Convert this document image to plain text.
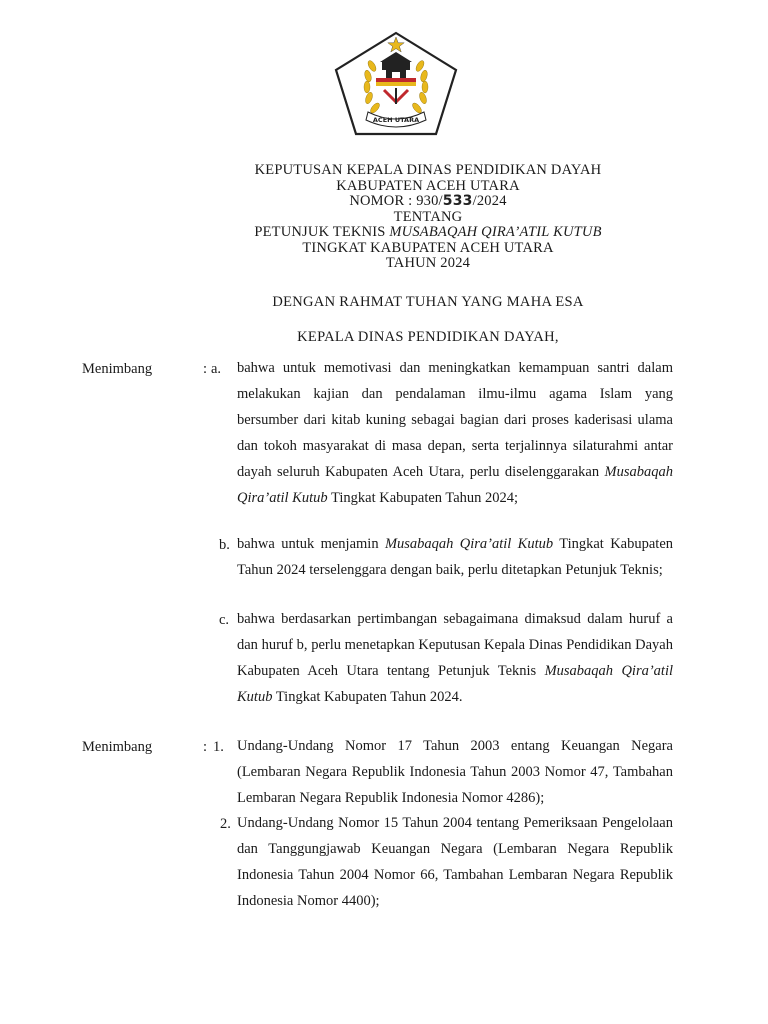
ACEH UTARA
KEPUTUSAN KEPALA DINAS PENDIDIKAN DAYAH
KABUPATEN ACEH UTARA
NOMOR : 930/533/2024
TENTANG
PETUNJUK TEKNIS MUSABAQAH QIRA’ATIL KUTUB
TINGKAT KABUPATEN ACEH UTARA
TAHUN 2024
DENGAN RAHMAT TUHAN YANG MAHA ESA
KEPALA DINAS PENDIDIKAN DAYAH,
Menimbang	: a. bahwa untuk memotivasi dan meningkatkan kemampuan santri dalam melakukan kajian dan pendalaman ilmu-ilmu agama Islam yang bersumber dari kitab kuning sebagai bagian dari proses kaderisasi ulama dan tokoh masyarakat di masa depan, serta terjalinnya silaturahmi antar dayah seluruh Kabupaten Aceh Utara, perlu diselenggarakan Musabaqah Qira’atil Kutub Tingkat Kabupaten Tahun 2024;
b. bahwa untuk menjamin Musabaqah Qira’atil Kutub Tingkat Kabupaten Tahun 2024 terselenggara dengan baik, perlu ditetapkan Petunjuk Teknis;
c. bahwa berdasarkan pertimbangan sebagaimana dimaksud dalam huruf a dan huruf b, perlu menetapkan Keputusan Kepala Dinas Pendidikan Dayah Kabupaten Aceh Utara tentang Petunjuk Teknis Musabaqah Qira’atil Kutub Tingkat Kabupaten Tahun 2024.
Menimbang	: 1. Undang-Undang Nomor 17 Tahun 2003 entang Keuangan Negara (Lembaran Negara Republik Indonesia Tahun 2003 Nomor 47, Tambahan Lembaran Negara Republik Indonesia Nomor 4286);
2. Undang-Undang Nomor 15 Tahun 2004 tentang Pemeriksaan Pengelolaan dan Tanggungjawab Keuangan Negara (Lembaran Negara Republik Indonesia Tahun 2004 Nomor 66, Tambahan Lembaran Negara Republik Indonesia Nomor 4400);
